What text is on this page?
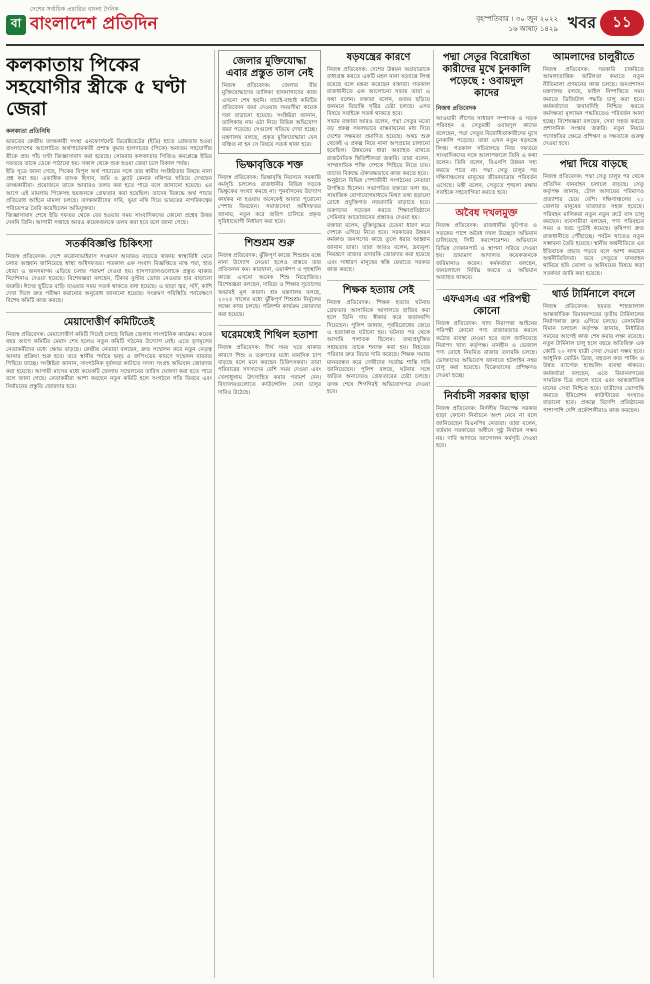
বা বাংলাদেশ প্রতিদিন
দেশের সর্বাধিক প্রচারিত বাংলা দৈনিক
বৃহস্পতিবার । ৩০ জুন ২০২২
১৬ আষাঢ় ১৪২৯ খবর	১১
কলকাতায় পিকের সহযোগীর স্ত্রীকে ৫ ঘণ্টা জেরা

কলকাতা প্রতিনিধি

ভারতের কেন্দ্রীয় তদন্তকারী সংস্থা এনফোর্সমেন্ট ডিরেক্টরেটের (ইডি) হাতে গ্রেফতার হওয়া বাংলাদেশের আলোচিত অর্থপাচারকারী প্রশান্ত কুমার হালদারের (পিকে) অন্যতম সহযোগীর স্ত্রীকে প্রায় পাঁচ ঘণ্টা জিজ্ঞাসাবাদ করা হয়েছে। সোমবার কলকাতার সিজিও কমপ্লেক্সে ইডির দফতরে তাকে ডেকে পাঠানো হয়। সকাল থেকে শুরু হওয়া জেরা চলে বিকাল পর্যন্ত।

ইডি সূত্রে জানা গেছে, পিকের বিপুল অর্থ পাচারের সঙ্গে তার স্বামীর সংশ্লিষ্টতার বিষয়ে নানা প্রশ্ন করা হয়। একাধিক ব্যাংক হিসাব, জমি ও ফ্ল্যাট কেনার নথিপত্র খতিয়ে দেখছেন তদন্তকারীরা। প্রয়োজনে তাকে আবারও তলব করা হতে পারে বলে জানানো হয়েছে। এর আগে এই মামলায় পিকেসহ ছয়জনকে গ্রেফতার করা হয়েছিল। তাদের বিরুদ্ধে অর্থ পাচার প্রতিরোধ আইনে মামলা চলছে। তদন্তকারীদের দাবি, ভুয়া নথি দিয়ে ভারতের নাগরিকত্বের পরিচয়পত্র তৈরি করেছিলেন অভিযুক্তরা।

জিজ্ঞাসাবাদ শেষে ইডি দফতর থেকে বের হওয়ার সময় সাংবাদিকদের কোনো প্রশ্নের উত্তর দেননি তিনি। আগামী সপ্তাহে আরও কয়েকজনকে তলব করা হবে বলে জানা গেছে।

সতর্কবিজ্ঞপ্তি চিকিৎসা

নিজস্ব প্রতিবেদক: দেশে করোনাভাইরাস সংক্রমণ আবারও বাড়তে থাকায় স্বাস্থ্যবিধি মেনে চলার আহ্বান জানিয়েছে স্বাস্থ্য অধিদফতর। গতকাল এক সংবাদ বিজ্ঞপ্তিতে মাস্ক পরা, হাত ধোয়া ও জনসমাগম এড়িয়ে চলার পরামর্শ দেওয়া হয়। হাসপাতালগুলোকে প্রস্তুত থাকার নির্দেশনাও দেওয়া হয়েছে। বিশেষজ্ঞরা বলছেন, টিকার বুস্টার ডোজ নেওয়ার হার বাড়ানো জরুরি। ঈদের ছুটিতে বাড়ি যাওয়ার সময় সতর্ক থাকতে বলা হয়েছে। এ ছাড়া জ্বর, সর্দি, কাশি দেখা দিলে দ্রুত পরীক্ষা করানোর অনুরোধ জানানো হয়েছে। সংক্রমণ পরিস্থিতি পর্যবেক্ষণে বিশেষ কমিটি কাজ করছে।

মেয়াদোত্তীর্ণ কমিটিতেই

নিজস্ব প্রতিবেদক: মেয়াদোত্তীর্ণ কমিটি দিয়েই চলছে বিভিন্ন জেলার সাংগঠনিক কার্যক্রম। কয়েক বছর আগে কমিটির মেয়াদ শেষ হলেও নতুন কমিটি গঠনের উদ্যোগ নেই। এতে তৃণমূলের নেতাকর্মীদের মধ্যে ক্ষোভ বাড়ছে। কেন্দ্রীয় নেতারা বলছেন, দ্রুত সম্মেলন করে নতুন নেতৃত্ব আনার প্রক্রিয়া শুরু হবে। তবে স্থানীয় পর্যায়ে দ্বন্দ্ব ও গ্রুপিংয়ের কারণে সম্মেলন বারবার পিছিয়ে যাচ্ছে। সংশ্লিষ্টরা জানান, সাংগঠনিক দুর্বলতা কাটাতে সদস্য সংগ্রহ অভিযান জোরদার করা হয়েছে। আগামী মাসের মধ্যে কয়েকটি জেলায় সম্মেলনের তারিখ ঘোষণা করা হতে পারে বলে জানা গেছে। নেতাকর্মীরা আশা করছেন নতুন কমিটি হলে সংগঠনে গতি ফিরবে এবং নির্বাচনের প্রস্তুতি জোরদার হবে।

জেলার মুক্তিযোদ্ধা এবার প্রস্তুত তাল নেই

নিজস্ব প্রতিবেদক: জেলার বীর মুক্তিযোদ্ধাদের তালিকা হালনাগাদের কাজ এখনো শেষ হয়নি। যাচাই-বাছাই কমিটির প্রতিবেদন জমা দেওয়ার সময়সীমা কয়েক দফা বাড়ানো হয়েছে। সংশ্লিষ্টরা জানান, তালিকায় নাম ওঠা নিয়ে বিভিন্ন অভিযোগ জমা পড়েছে। সেগুলো খতিয়ে দেখা হচ্ছে। মন্ত্রণালয় বলছে, প্রকৃত মুক্তিযোদ্ধারা যেন বঞ্চিত না হন সে বিষয়ে সতর্ক থাকা হবে।

ভিক্ষাবৃত্তিকে শক্ত

নিজস্ব প্রতিবেদক: ভিক্ষাবৃত্তি নিরসনে সরকারি কর্মসূচি চললেও রাজধানীর বিভিন্ন সড়কে ভিক্ষুকের সংখ্যা কমছে না। পুনর্বাসনের উদ্যোগ কার্যকর না হওয়ায় অনেকেই আবার পুরোনো পেশায় ফিরছেন। সমাজসেবা অধিদফতর জানায়, নতুন করে জরিপ চালিয়ে প্রকৃত সুবিধাভোগী নির্ধারণ করা হবে।

শিশুশ্রম শুরু

নিজস্ব প্রতিবেদক: ঝুঁকিপূর্ণ কাজে শিশুশ্রম বন্ধে নানা উদ্যোগ নেওয়া হলেও বাস্তবে তার প্রতিফলন কম। কারখানা, ওয়ার্কশপ ও গৃহস্থালি কাজে এখনো অনেক শিশু নিয়োজিত। বিশেষজ্ঞরা বলছেন, দারিদ্র্য ও শিক্ষার সুযোগের অভাবই মূল কারণ। শ্রম মন্ত্রণালয় বলছে, ২০২৫ সালের মধ্যে ঝুঁকিপূর্ণ শিশুশ্রম নির্মূলের লক্ষ্যে কাজ চলছে। পরিদর্শন কার্যক্রম জোরদার করা হয়েছে।

ঘরেমধ্যেই শিথিল হতাশা

নিজস্ব প্রতিবেদক: দীর্ঘ সময় ঘরে থাকার কারণে শিশু ও তরুণদের মধ্যে মানসিক চাপ বাড়ছে বলে মনে করছেন চিকিৎসকরা। তারা পরিবারের সদস্যদের বেশি সময় দেওয়া এবং খেলাধুলায় উৎসাহিত করার পরামর্শ দেন। বিদ্যালয়গুলোতে কাউন্সেলিং সেবা চালুর দাবিও উঠেছে।

ষড়যন্ত্রের কারণে

নিজস্ব প্রতিবেদক: দেশের উন্নয়ন অগ্রযাত্রাকে বাধাগ্রস্ত করতে একটি মহল নানা ষড়যন্ত্রে লিপ্ত রয়েছে বলে মন্তব্য করেছেন বক্তারা। গতকাল রাজধানীতে এক আলোচনা সভায় তারা এ কথা বলেন। বক্তারা বলেন, গুজব ছড়িয়ে জনমনে বিভ্রান্তি সৃষ্টির চেষ্টা চলছে। এসব বিষয়ে সবাইকে সতর্ক থাকতে হবে।

সভায় বক্তারা আরও বলেন, পদ্মা সেতুর মতো বড় প্রকল্প সফলভাবে বাস্তবায়নের মধ্য দিয়ে দেশের সক্ষমতা প্রমাণিত হয়েছে। অথচ শুরু থেকেই এ প্রকল্প নিয়ে নানা অপপ্রচার চালানো হয়েছিল। উন্নয়নের ধারা অব্যাহত রাখতে রাজনৈতিক স্থিতিশীলতা জরুরি। তারা বলেন, সাম্প্রদায়িক শক্তি দেশকে পিছিয়ে নিতে চায়। তাদের বিরুদ্ধে ঐক্যবদ্ধভাবে কাজ করতে হবে।

অনুষ্ঠানে বিভিন্ন পেশাজীবী সংগঠনের নেতারা উপস্থিত ছিলেন। সভাপতির বক্তব্যে বলা হয়, সামাজিক যোগাযোগমাধ্যমে মিথ্যা তথ্য ছড়ানো রোধে প্রযুক্তিগত নজরদারি বাড়াতে হবে। তরুণদের সচেতন করতে শিক্ষাপ্রতিষ্ঠানে সেমিনার আয়োজনের প্রস্তাবও দেওয়া হয়।

বক্তারা বলেন, মুক্তিযুদ্ধের চেতনা ধারণ করে দেশকে এগিয়ে নিতে হবে। সরকারের উন্নয়ন কর্মকাণ্ড জনগণের কাছে তুলে ধরার আহ্বান জানান তারা। তারা আরও বলেন, দ্রব্যমূল্য নিয়ন্ত্রণে বাজার তদারকি জোরদার করা হয়েছে এবং সাধারণ মানুষের স্বস্তি ফেরাতে সরকার কাজ করছে।

শিক্ষক হত্যায় সেই

নিজস্ব প্রতিবেদক: শিক্ষক হত্যার ঘটনায় গ্রেফতার আসামিকে আদালতে হাজির করা হলে তিনি দায় স্বীকার করে জবানবন্দি দিয়েছেন। পুলিশ জানায়, পূর্ববিরোধের জেরে এ হত্যাকাণ্ড ঘটানো হয়। ঘটনার পর থেকে আসামি পলাতক ছিলেন। তথ্যপ্রযুক্তির সহায়তায় তাকে শনাক্ত করা হয়। নিহতের পরিবার দ্রুত বিচার দাবি করেছে। শিক্ষক সমাজ মানববন্ধন করে দোষীদের সর্বোচ্চ শাস্তি দাবি জানিয়েছেন। পুলিশ বলছে, ঘটনার সঙ্গে জড়িত অন্যদেরও গ্রেফতারের চেষ্টা চলছে। তদন্ত শেষে শিগগিরই অভিযোগপত্র দেওয়া হবে।

পদ্মা সেতুর বিরোধিতা কারীদের মুখে চুনকালি পড়েছে : ওবায়দুল কাদের

নিজস্ব প্রতিবেদক

আওয়ামী লীগের সাধারণ সম্পাদক ও সড়ক পরিবহন ও সেতুমন্ত্রী ওবায়দুল কাদের বলেছেন, পদ্মা সেতুর বিরোধিতাকারীদের মুখে চুনকালি পড়েছে। তারা এখন নতুন ষড়যন্ত্রে লিপ্ত। গতকাল সচিবালয়ে নিজ দফতরে সাংবাদিকদের সঙ্গে আলাপকালে তিনি এ কথা বলেন। তিনি বলেন, বিএনপি উন্নয়ন সহ্য করতে পারে না। পদ্মা সেতু চালুর পর দক্ষিণাঞ্চলের মানুষের জীবনযাত্রায় পরিবর্তন এসেছে। মন্ত্রী বলেন, সেতুতে শৃঙ্খলা রক্ষায় সবাইকে সহযোগিতা করতে হবে।

অবৈধ দখলমুক্ত

নিজস্ব প্রতিবেদক: রাজধানীর ফুটপাত ও সড়কের পাশে অবৈধ দখল উচ্ছেদে অভিযান চালিয়েছে সিটি করপোরেশন। অভিযানে বিভিন্ন দোকানপাট ও স্থাপনা সরিয়ে দেওয়া হয়। ভ্রাম্যমাণ আদালত কয়েকজনকে জরিমানাও করেন। কর্মকর্তারা বলছেন, জনচলাচল নির্বিঘ্ন করতে এ অভিযান অব্যাহত থাকবে।

এফএসএ এর পরিপন্থী কোনো

নিজস্ব প্রতিবেদক: খাদ্য নিরাপত্তা আইনের পরিপন্থী কোনো পণ্য বাজারজাত করলে কঠোর ব্যবস্থা নেওয়া হবে বলে জানিয়েছে নিরাপদ খাদ্য কর্তৃপক্ষ। মানহীন ও ভেজাল পণ্য রোধে নিয়মিত বাজার তদারকি চলছে। ভোক্তাদের অভিযোগ জানাতে হটলাইন নম্বর চালু করা হয়েছে। বিক্রেতাদের প্রশিক্ষণও দেওয়া হচ্ছে।

নির্বাচনী সরকার ছাড়া

নিজস্ব প্রতিবেদক: নির্দলীয় নিরপেক্ষ সরকার ছাড়া কোনো নির্বাচনে অংশ নেবে না বলে জানিয়েছেন বিএনপির নেতারা। তারা বলেন, বর্তমান সরকারের অধীনে সুষ্ঠু নির্বাচন সম্ভব নয়। দাবি আদায়ে আন্দোলন কর্মসূচি দেওয়া হবে।

আমলাদের চালুরীতে

নিজস্ব প্রতিবেদক: সরকারি চাকরিতে আমলাতান্ত্রিক জটিলতা কমাতে নতুন নীতিমালা প্রণয়নের কাজ চলছে। জনপ্রশাসন মন্ত্রণালয় বলছে, ফাইল নিষ্পত্তিতে সময় কমাতে ডিজিটাল পদ্ধতি চালু করা হবে। কর্মকর্তাদের জবাবদিহি নিশ্চিত করতে কর্মদক্ষতা মূল্যায়ন পদ্ধতিতেও পরিবর্তন আনা হচ্ছে। বিশেষজ্ঞরা বলছেন, সেবা সহজ করতে প্রশাসনিক সংস্কার জরুরি। নতুন নিয়মে পদোন্নতির ক্ষেত্রে প্রশিক্ষণ ও দক্ষতাকে গুরুত্ব দেওয়া হবে।

পদ্মা দিয়ে বাড়ছে

নিজস্ব প্রতিবেদক: পদ্মা সেতু চালুর পর থেকে প্রতিদিন যানবাহন চলাচল বাড়ছে। সেতু কর্তৃপক্ষ জানায়, টোল আদায়ের পরিমাণও প্রত্যাশার চেয়ে বেশি। দক্ষিণাঞ্চলের ২১ জেলার মানুষের যাতায়াত সহজ হয়েছে। পরিবহন মালিকরা নতুন নতুন রুটে বাস চালু করছেন। ব্যবসায়ীরা বলছেন, পণ্য পরিবহনে সময় ও খরচ দুটোই কমেছে। কৃষিপণ্য দ্রুত রাজধানীতে পৌঁছাচ্ছে। পর্যটন খাতেও নতুন সম্ভাবনা তৈরি হয়েছে। স্থানীয় অর্থনীতিতে এর ইতিবাচক প্রভাব পড়বে বলে আশা করছেন অর্থনীতিবিদরা। তবে সেতুতে যানবাহন থামিয়ে ছবি তোলা ও অনিয়মের বিষয়ে কড়া সতর্কতা জারি করা হয়েছে।

থার্ড টার্মিনালে বদলে

নিজস্ব প্রতিবেদক: হযরত শাহজালাল আন্তর্জাতিক বিমানবন্দরের তৃতীয় টার্মিনালের নির্মাণকাজ দ্রুত এগিয়ে চলছে। বেসামরিক বিমান চলাচল কর্তৃপক্ষ জানায়, নির্ধারিত সময়ের আগেই কাজ শেষ করার লক্ষ্য রয়েছে। নতুন টার্মিনাল চালু হলে বছরে অতিরিক্ত এক কোটি ২০ লাখ যাত্রী সেবা দেওয়া সম্ভব হবে। আধুনিক বোর্ডিং ব্রিজ, বহুতল কার পার্কিং ও উন্নত ব্যাগেজ হ্যান্ডলিং ব্যবস্থা থাকবে। কর্মকর্তারা বলছেন, এতে বিমানবন্দরের সামগ্রিক চিত্র বদলে যাবে এবং আন্তর্জাতিক মানের সেবা নিশ্চিত হবে। যাত্রীদের ভোগান্তি কমাতে ইমিগ্রেশন কাউন্টারের সংখ্যাও বাড়ানো হবে। প্রকল্পে বিদেশি প্রতিষ্ঠানের পাশাপাশি দেশি প্রকৌশলীরাও কাজ করছেন।
